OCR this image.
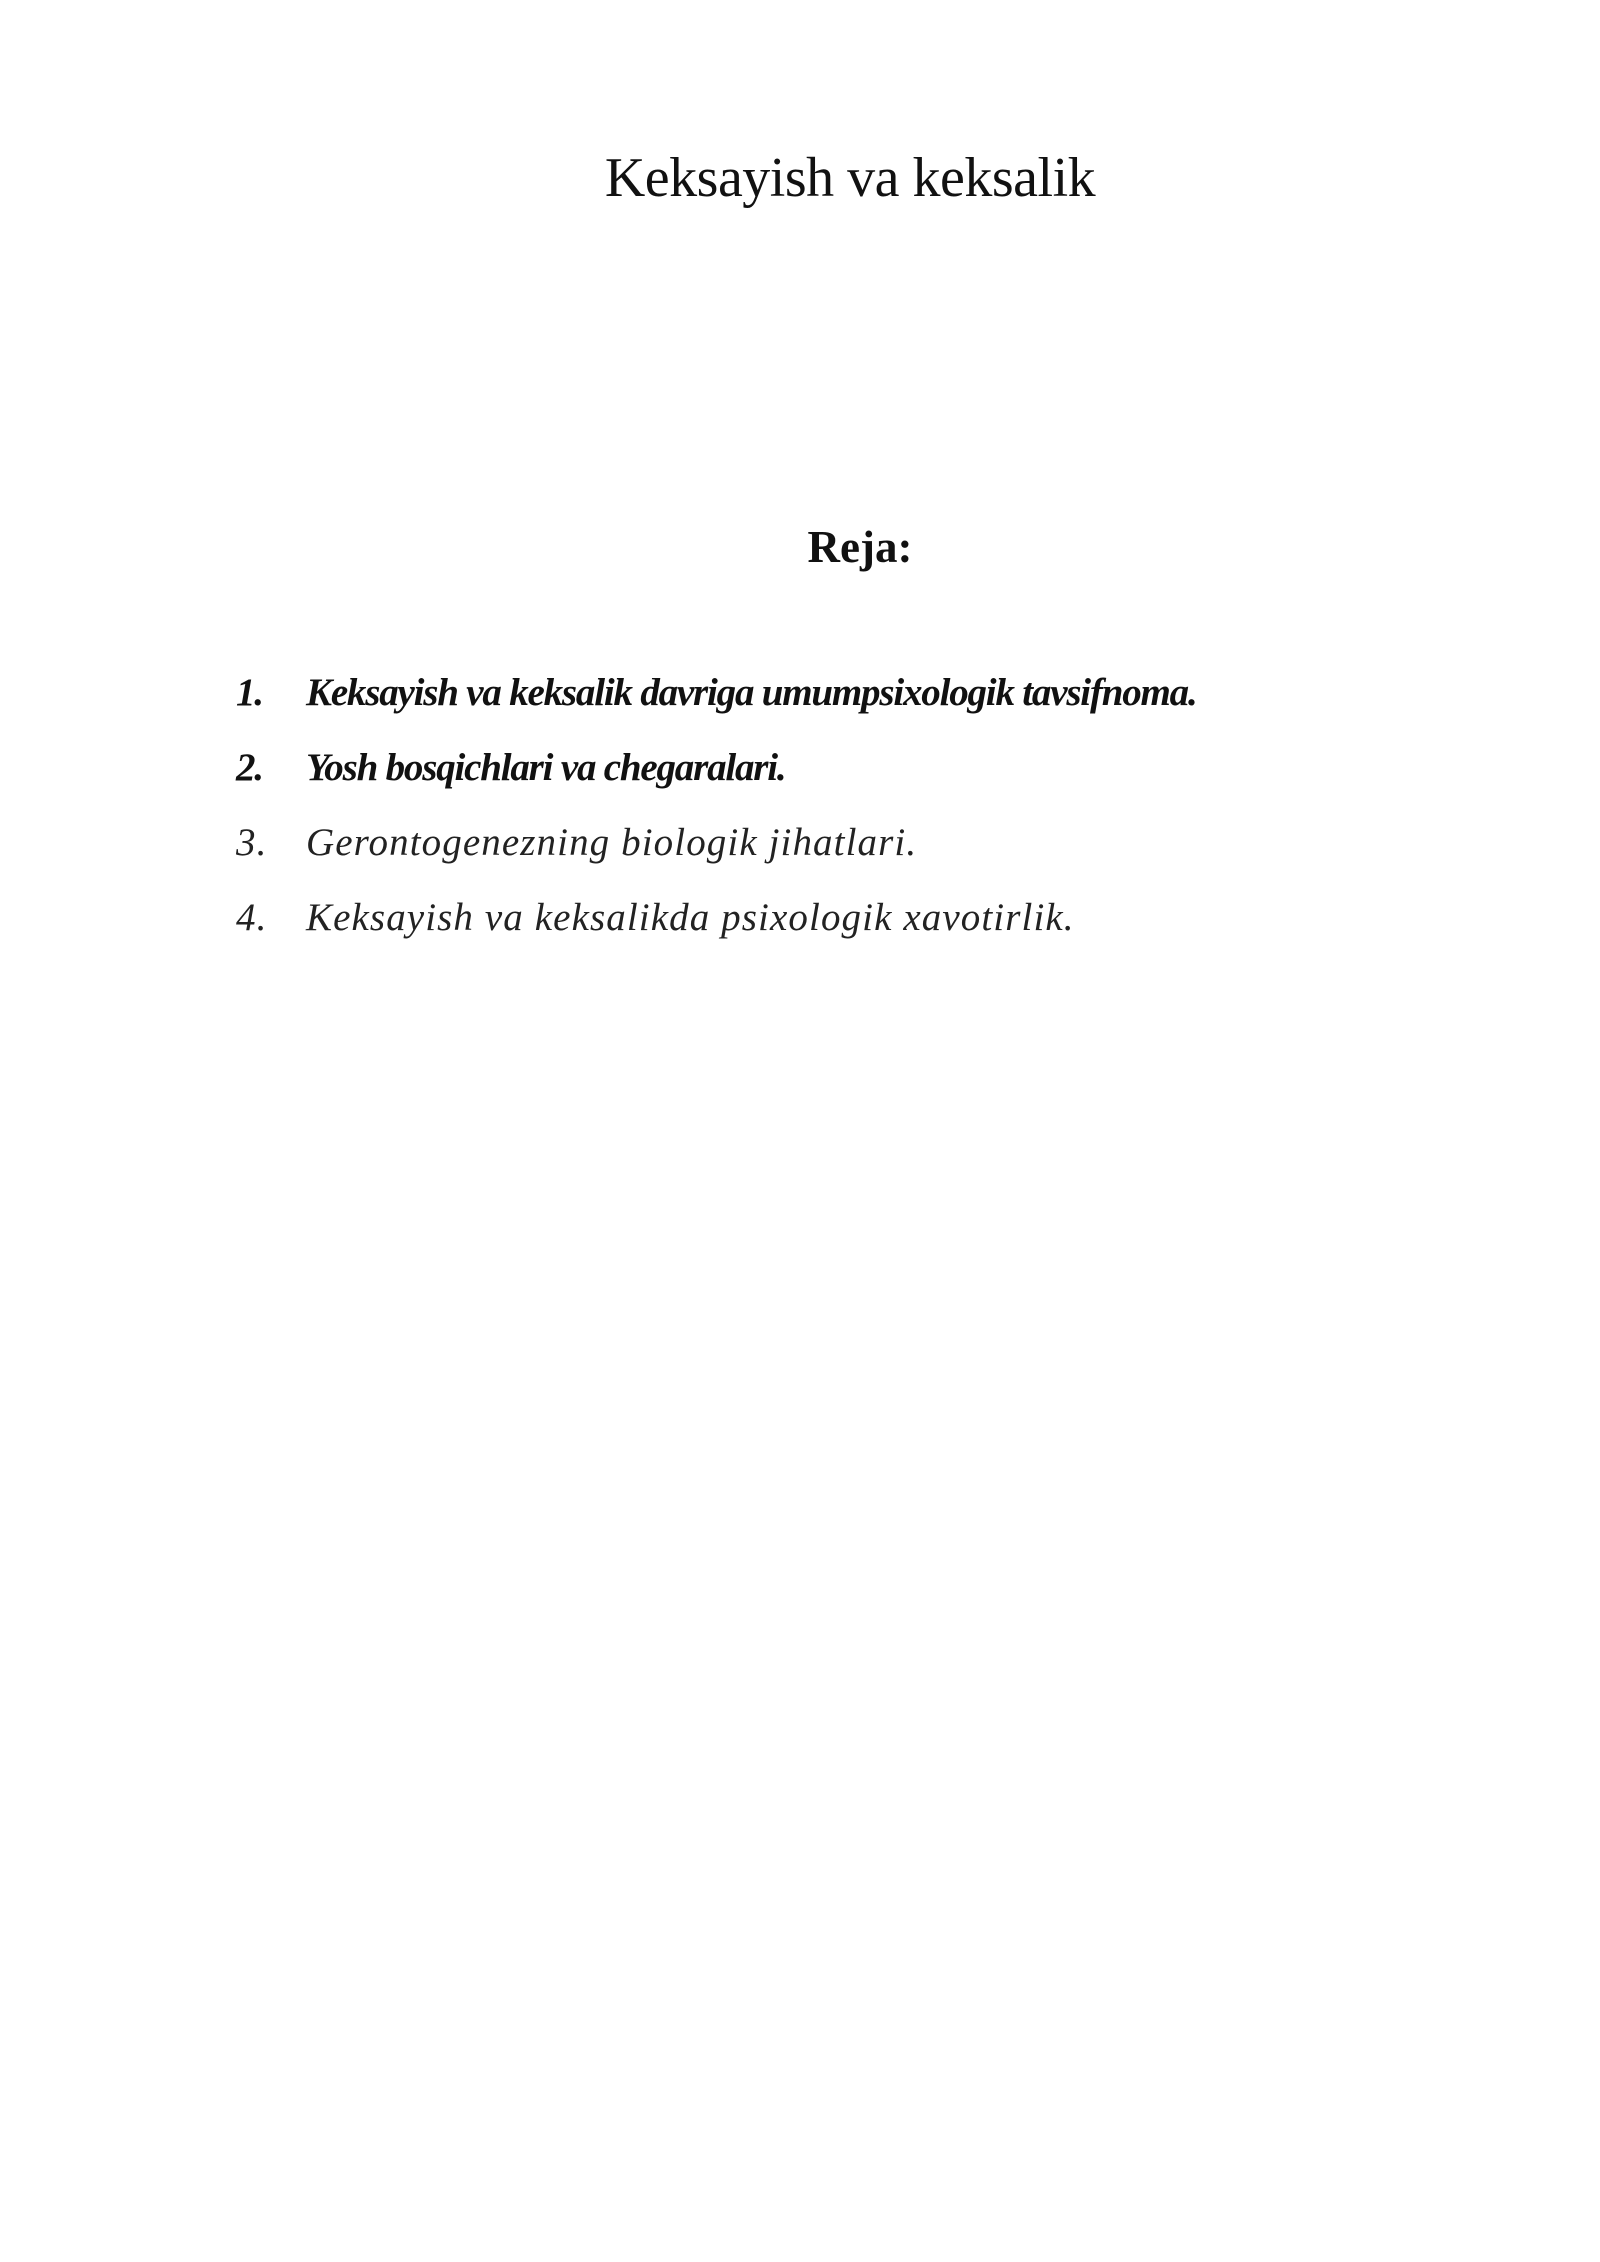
Keksayish va keksalik
Reja:
1.	Keksayish va keksalik davriga umumpsixologik tavsifnoma.
2.	Yosh bosqichlari va chegaralari.
3. Gerontogenezning biologik jihatlari.
4. Keksayish va keksalikda psixologik xavotirlik.
